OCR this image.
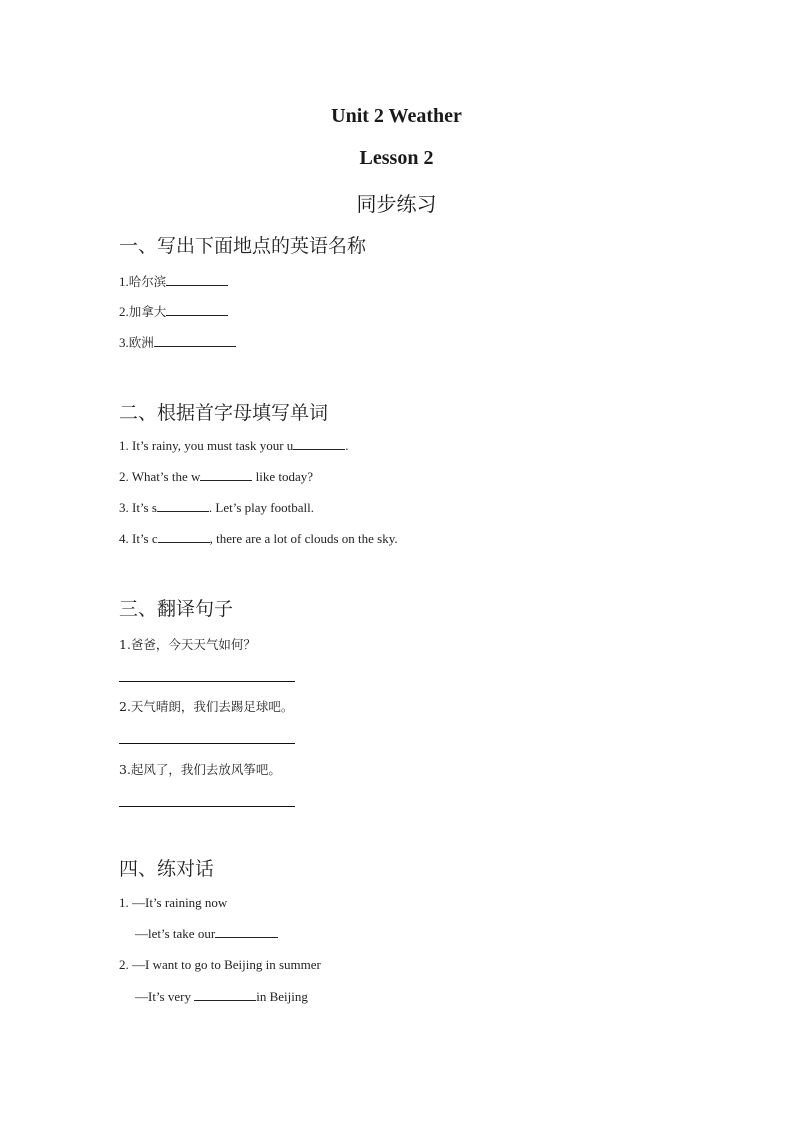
Unit 2 Weather
Lesson 2
同步练习
一、写出下面地点的英语名称
1.哈尔滨
2.加拿大
3.欧洲
二、根据首字母填写单词
1. It’s rainy, you must task your u	.
2. What’s the w	like today?
3. It’s s	. Let’s play football.
4. It’s c	, there are a lot of clouds on the sky.
三、翻译句子
1.爸爸，今天天气如何？
2.天气晴朗，我们去踢足球吧。
3.起风了，我们去放风筝吧。
四、练对话
1. —It’s raining now
—let’s take our
2. —I want to go to Beijing in summer
—It’s very	in Beijing
